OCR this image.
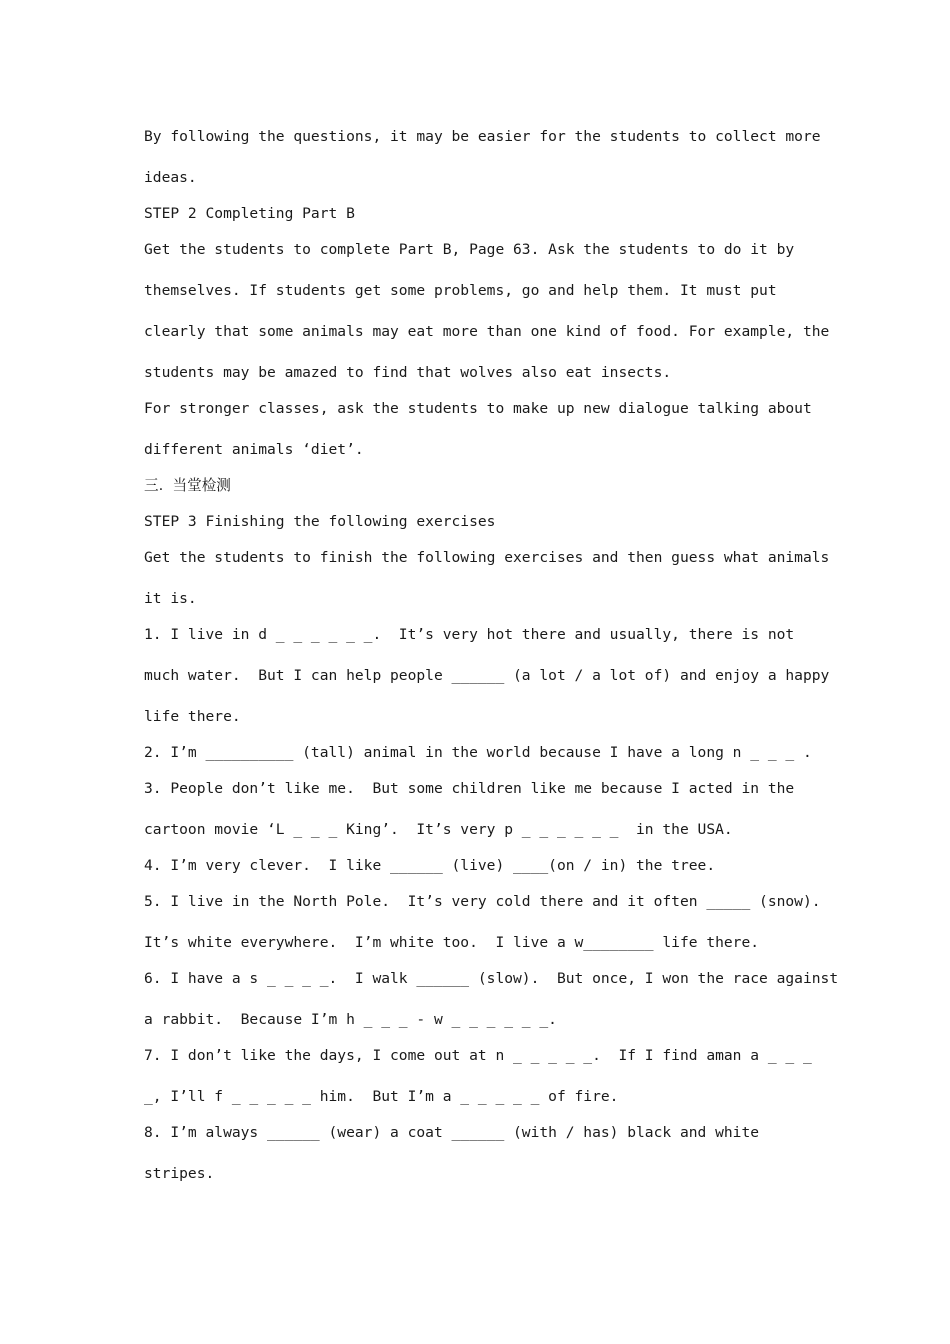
By following the questions, it may be easier for the students to collect more
ideas.
STEP 2 Completing Part B
Get the students to complete Part B, Page 63. Ask the students to do it by
themselves. If students get some problems, go and help them. It must put
clearly that some animals may eat more than one kind of food. For example, the
students may be amazed to find that wolves also eat insects.
For stronger classes, ask the students to make up new dialogue talking about
different animals ‘diet’.
三.  当堂检测
STEP 3 Finishing the following exercises
Get the students to finish the following exercises and then guess what animals
it is.
1. I live in d _ _ _ _ _ _.  It’s very hot there and usually, there is not
much water.  But I can help people ______ (a lot / a lot of) and enjoy a happy
life there.
2. I’m __________ (tall) animal in the world because I have a long n _ _ _ .
3. People don’t like me.  But some children like me because I acted in the
cartoon movie ‘L _ _ _ King’.  It’s very p _ _ _ _ _ _  in the USA.
4. I’m very clever.  I like ______ (live) ____(on / in) the tree.
5. I live in the North Pole.  It’s very cold there and it often _____ (snow).
It’s white everywhere.  I’m white too.  I live a w________ life there.
6. I have a s _ _ _ _.  I walk ______ (slow).  But once, I won the race against
a rabbit.  Because I’m h _ _ _ - w _ _ _ _ _ _.
7. I don’t like the days, I come out at n _ _ _ _ _.  If I find aman a _ _ _
_, I’ll f _ _ _ _ _ him.  But I’m a _ _ _ _ _ of fire.
8. I’m always ______ (wear) a coat ______ (with / has) black and white
stripes.
